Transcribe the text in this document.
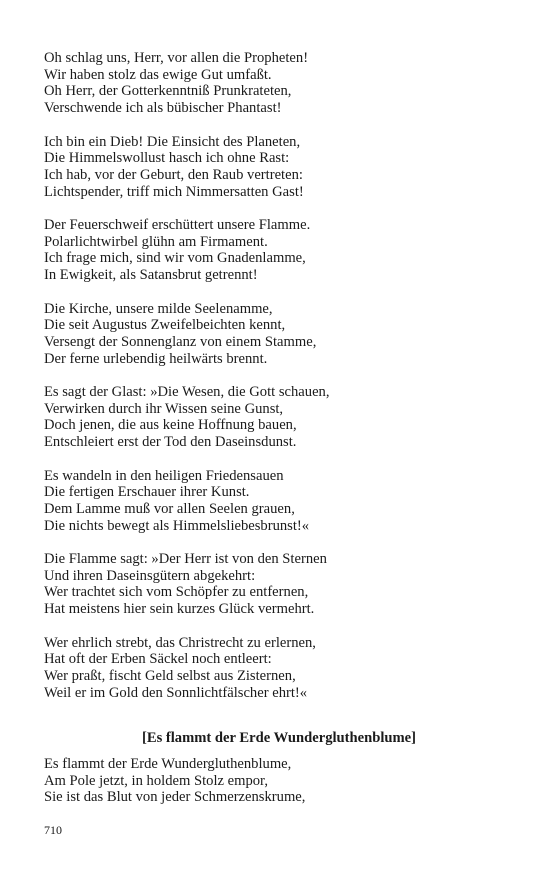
Oh schlag uns, Herr, vor allen die Propheten!
Wir haben stolz das ewige Gut umfaßt.
Oh Herr, der Gotterkenntniß Prunkrateten,
Verschwende ich als bübischer Phantast!
Ich bin ein Dieb! Die Einsicht des Planeten,
Die Himmelswollust hasch ich ohne Rast:
Ich hab, vor der Geburt, den Raub vertreten:
Lichtspender, triff mich Nimmersatten Gast!
Der Feuerschweif erschüttert unsere Flamme.
Polarlichtwirbel glühn am Firmament.
Ich frage mich, sind wir vom Gnadenlamme,
In Ewigkeit, als Satansbrut getrennt!
Die Kirche, unsere milde Seelenamme,
Die seit Augustus Zweifelbeichten kennt,
Versengt der Sonnenglanz von einem Stamme,
Der ferne urlebendig heilwärts brennt.
Es sagt der Glast: »Die Wesen, die Gott schauen,
Verwirken durch ihr Wissen seine Gunst,
Doch jenen, die aus keine Hoffnung bauen,
Entschleiert erst der Tod den Daseinsdunst.
Es wandeln in den heiligen Friedensauen
Die fertigen Erschauer ihrer Kunst.
Dem Lamme muß vor allen Seelen grauen,
Die nichts bewegt als Himmelsliebesbrunst!«
Die Flamme sagt: »Der Herr ist von den Sternen
Und ihren Daseinsgütern abgekehrt:
Wer trachtet sich vom Schöpfer zu entfernen,
Hat meistens hier sein kurzes Glück vermehrt.
Wer ehrlich strebt, das Christrecht zu erlernen,
Hat oft der Erben Säckel noch entleert:
Wer praßt, fischt Geld selbst aus Zisternen,
Weil er im Gold den Sonnlichtfälscher ehrt!«
[Es flammt der Erde Wundergluthenblume]
Es flammt der Erde Wundergluthenblume,
Am Pole jetzt, in holdem Stolz empor,
Sie ist das Blut von jeder Schmerzenskrume,
710
